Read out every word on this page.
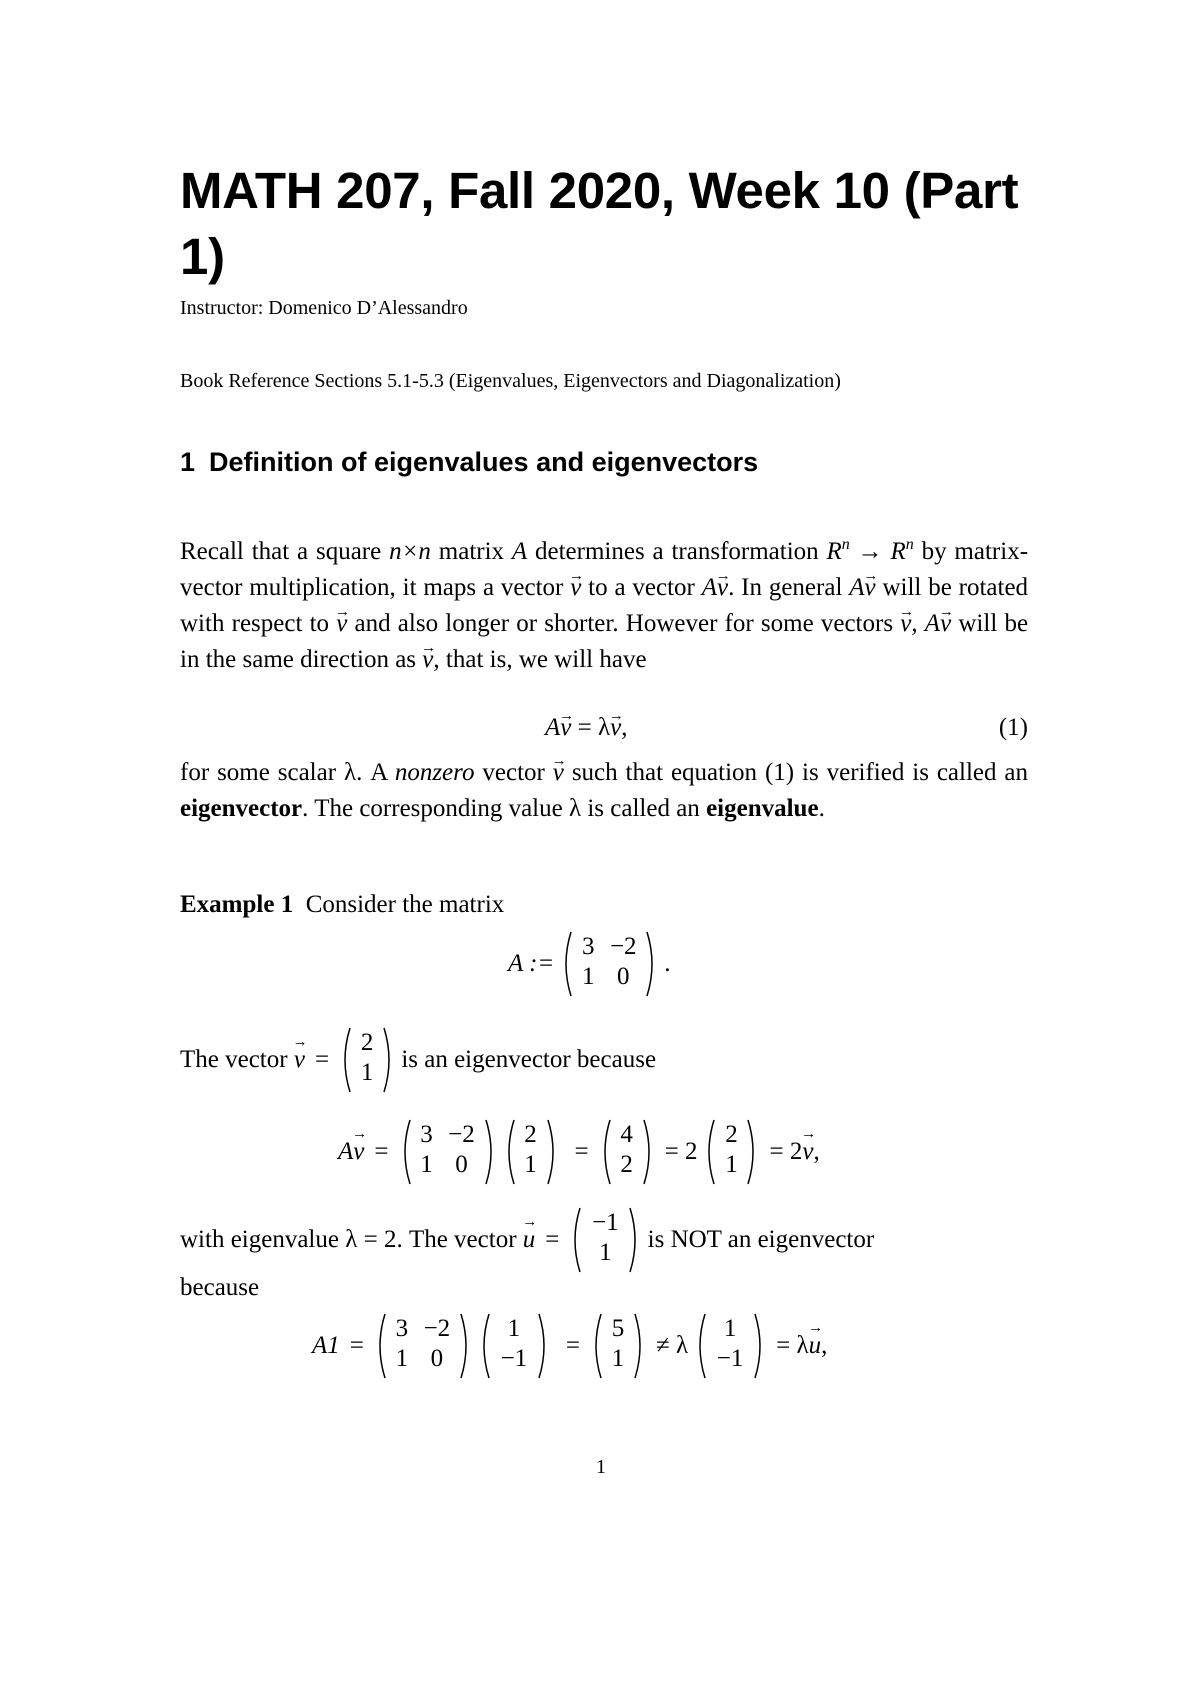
MATH 207, Fall 2020, Week 10 (Part 1)
Instructor: Domenico D’Alessandro
Book Reference Sections 5.1-5.3 (Eigenvalues, Eigenvectors and Diagonalization)
1 Definition of eigenvalues and eigenvectors

Recall that a square n×n matrix A determines a transformation $R^n \to R^n$ by matrix-vector multiplication, it maps a vector → v to a vector A→ v. In general A→ v will be rotated with respect to → v and also longer or shorter. However for some vectors → v, A→ v will be in the same direction as → v, that is, we will have

A→ v = λ→ v,	(1)

for some scalar λ. A nonzero vector → v such that equation (1) is verified is called an eigenvector. The corresponding value λ is called an eigenvalue.

Example 1 Consider the matrix
A :=
3 −2
1 0	.
The vector
→ v =
2
1
	is an eigenvector because
A → v =
3 −2
1 0
2
1	=
4
2	= 2
2
1	= 2 → v ,
with eigenvalue λ = 2. The vector
→ u =
−1
1
	is NOT an eigenvector
because
A1 =
3 −2
1 0
1
−1	=
5
1	≠ λ
1
−1	= λ → u ,
1
